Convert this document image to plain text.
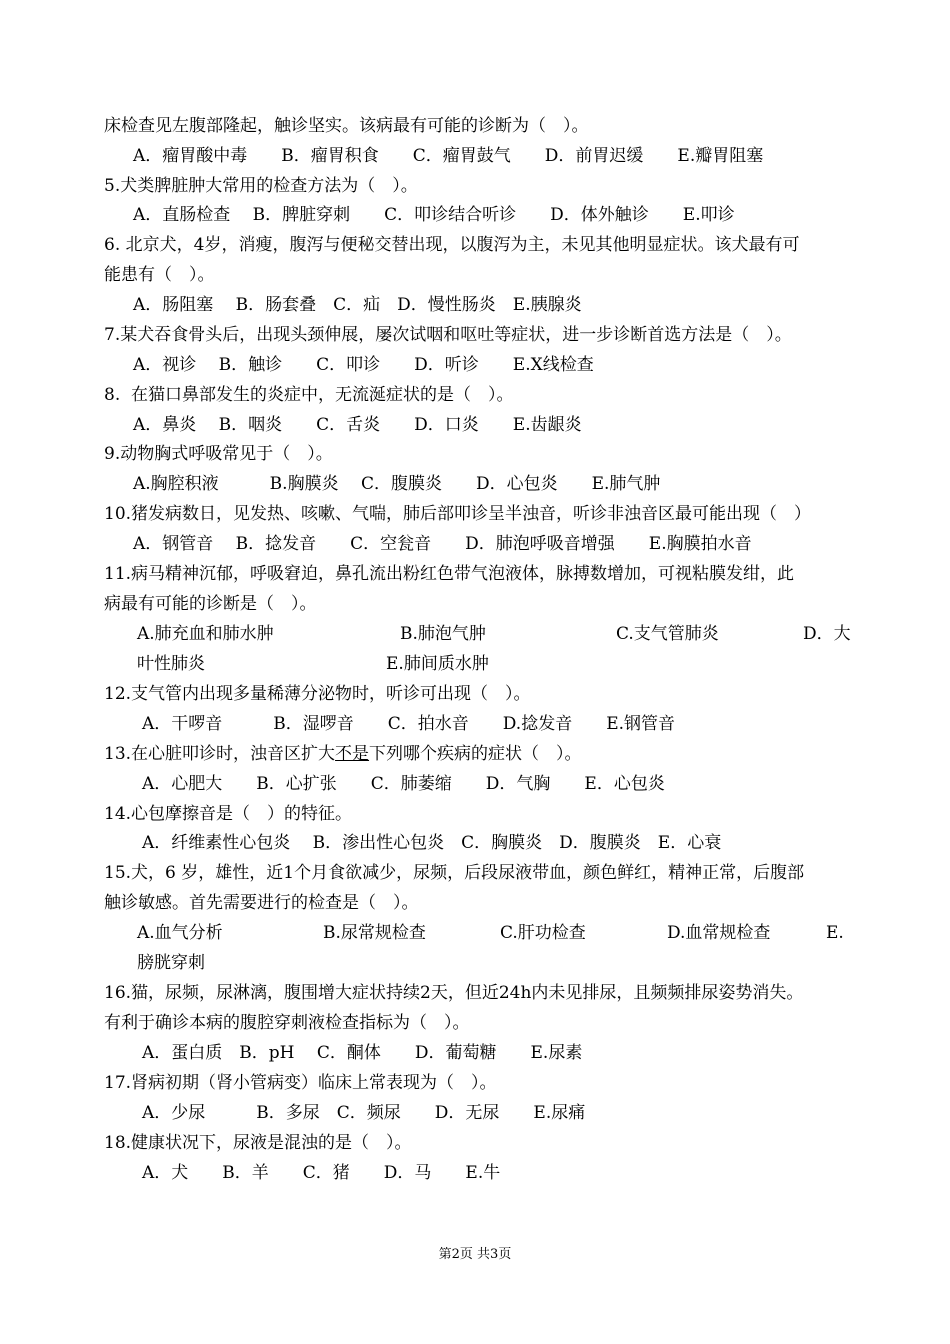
床检查见左腹部隆起，触诊坚实。该病最有可能的诊断为（　）。
A．瘤胃酸中毒　　B．瘤胃积食　　C．瘤胃鼓气　　D．前胃迟缓　　E.瓣胃阻塞
5.犬类脾脏肿大常用的检查方法为（　）。
A．直肠检查　 B．脾脏穿刺　　C．叩诊结合听诊　　D．体外触诊　　E.叩诊
6. 北京犬，4岁，消瘦，腹泻与便秘交替出现，以腹泻为主，未见其他明显症状。该犬最有可
能患有（　）。
A．肠阻塞　 B．肠套叠　C．疝　D．慢性肠炎　E.胰腺炎
7.某犬吞食骨头后，出现头颈伸展，屡次试咽和呕吐等症状，进一步诊断首选方法是（　）。
A．视诊　 B．触诊　　C．叩诊　　D．听诊　　E.X线检查
8.  在猫口鼻部发生的炎症中，无流涎症状的是（　）。
A．鼻炎　 B．咽炎　　C．舌炎　　D．口炎　　E.齿龈炎
9.动物胸式呼吸常见于（　）。
A.胸腔积液　　　B.胸膜炎　 C．腹膜炎　　D．心包炎　　E.肺气肿
10.猪发病数日，见发热、咳嗽、气喘，肺后部叩诊呈半浊音，听诊非浊音区最可能出现（　）
A．钢管音　 B．捻发音　　C．空瓮音　　D．肺泡呼吸音增强　　E.胸膜拍水音
11.病马精神沉郁，呼吸窘迫，鼻孔流出粉红色带气泡液体，脉搏数增加，可视粘膜发绀，此
病最有可能的诊断是（　）。
A.肺充血和肺水肿	B.肺泡气肿	C.支气管肺炎	D．大
叶性肺炎	E.肺间质水肿
12.支气管内出现多量稀薄分泌物时，听诊可出现（　）。
A．干啰音　　　B．湿啰音　　C．拍水音　　D.捻发音　　E.钢管音
13.在心脏叩诊时，浊音区扩大不是下列哪个疾病的症状（　）。
A．心肥大　　B．心扩张　　C．肺萎缩　　D．气胸　　E．心包炎
14.心包摩擦音是（　）的特征。
A．纤维素性心包炎　 B．渗出性心包炎　C．胸膜炎　D．腹膜炎　E．心衰
15.犬，6 岁，雄性，近1个月食欲减少，尿频，后段尿液带血，颜色鲜红，精神正常，后腹部
触诊敏感。首先需要进行的检查是（　）。
A.血气分析	B.尿常规检查	C.肝功检查	D.血常规检查	E.
膀胱穿刺
16.猫，尿频，尿淋漓，腹围增大症状持续2天，但近24h内未见排尿，且频频排尿姿势消失。
有利于确诊本病的腹腔穿刺液检查指标为（　）。
A．蛋白质　B．pH　 C．酮体　　D．葡萄糖　　E.尿素
17.肾病初期（肾小管病变）临床上常表现为（　）。
A．少尿　　　B．多尿　C．频尿　　D．无尿　　E.尿痛
18.健康状况下，尿液是混浊的是（　）。
A．犬　　B．羊　　C．猪　　D．马　　E.牛
第2页 共3页
